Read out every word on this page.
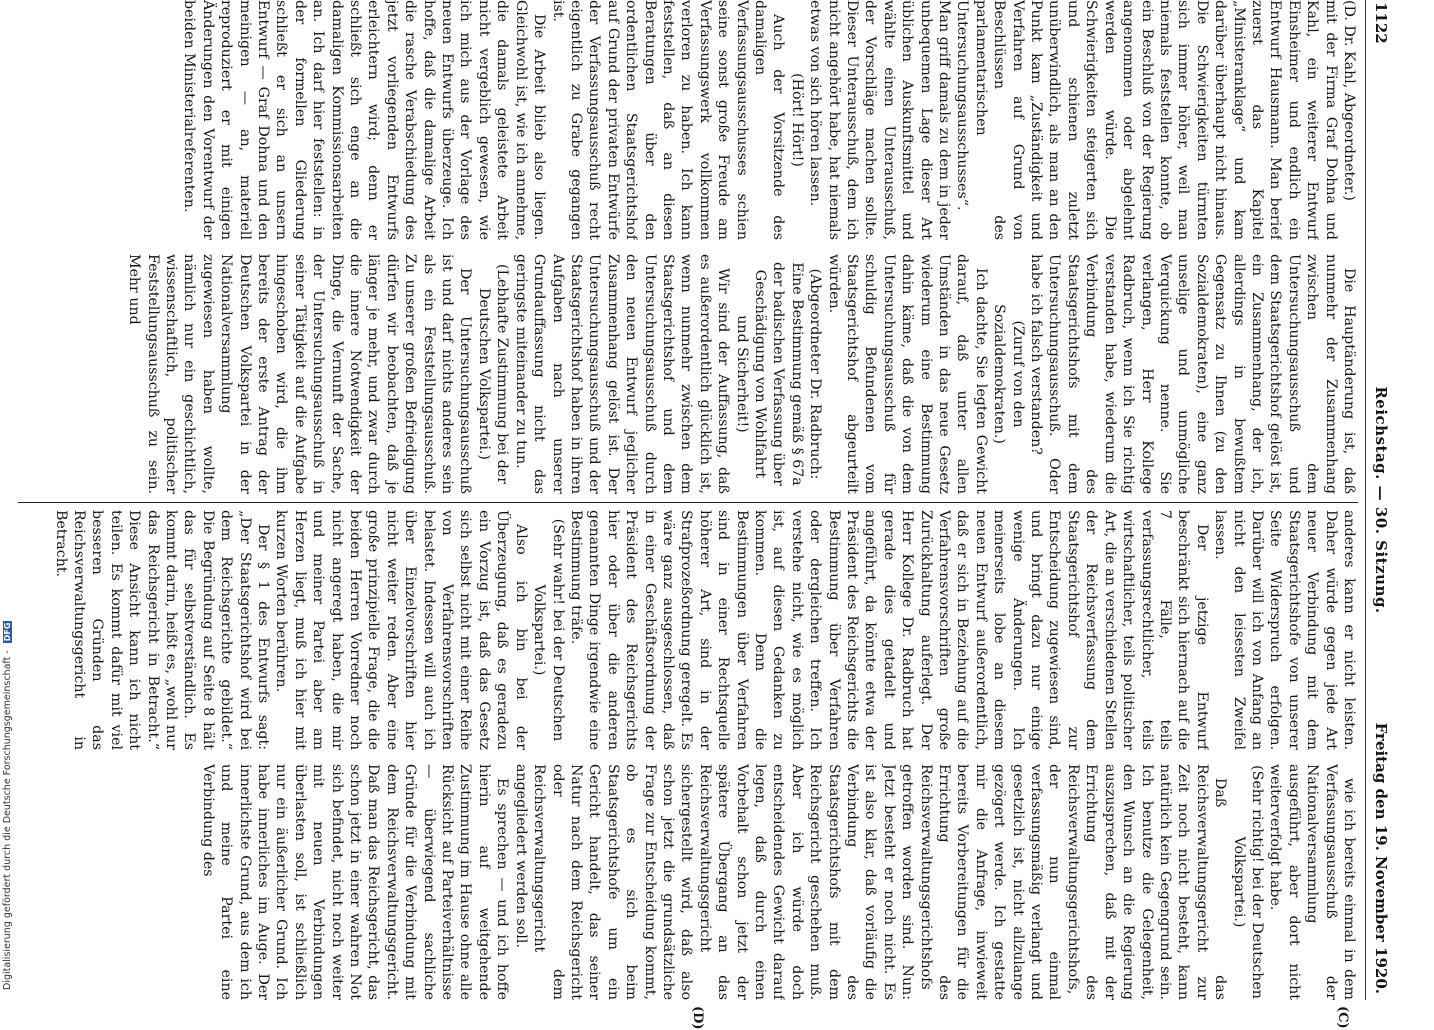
Digitalisierung gefördert durch die Deutsche Forschungsgemeinschaft - DFG
1122
Reichstag. — 30. Sitzung.
Freitag den 19. November 1920.
(C)
(D)

(D. Dr. Kahl, Abgeordneter.)

mit der Firma Graf Dohna und Kahl, ein weiterer Entwurf Einsheimer und endlich ein Entwurf Hausmann. Man berief zuerst das Kapitel „Ministeranklage“ und kam darüber überhaupt nicht hinaus. Die Schwierigkeiten türmten sich immer höher, weil man niemals feststellen konnte, ob ein Beschluß von der Regierung angenommen oder abgelehnt werden würde. Die Schwierigkeiten steigerten sich und schienen zuletzt unüberwindlich, als man an den Punkt kam „Zuständigkeit und Verfahren auf Grund von Beschlüssen des parlamentarischen Untersuchungsausschusses“. Man griff damals zu dem in jeder unbequemen Lage dieser Art üblichen Auskunftsmittel und wählte einen Unterausschuß, der Vorschläge machen sollte. Dieser Unterausschuß, dem ich nicht angehört habe, hat niemals etwas von sich hören lassen.

(Hört! Hört!)

Auch der Vorsitzende des damaligen Verfassungsausschusses schien seine sonst große Freude am Verfassungswerk vollkommen verloren zu haben. Ich kann feststellen, daß an diesen Beratungen über den ordentlichen Staatsgerichtshof auf Grund der privaten Entwürfe der Verfassungsausschuß recht eigentlich zu Grabe gegangen ist.

Die Arbeit blieb also liegen. Gleichwohl ist, wie ich annehme, die damals geleistete Arbeit nicht vergeblich gewesen, wie ich mich aus der Vorlage des neuen Entwurfs überzeuge. Ich hoffe, daß die damalige Arbeit die rasche Verabschiedung des jetzt vorliegenden Entwurfs erleichtern wird; denn er schließt sich enge an die damaligen Kommissionsarbeiten an. Ich darf hier feststellen: in der formellen Gliederung schließt er sich an unsern Entwurf — Graf Dohna und den meinigen — an, materiell reproduziert er mit einigen Änderungen den Vorentwurf der beiden Ministerialreferenten.

Die Hauptänderung ist, daß nunmehr der Zusammenhang zwischen dem Untersuchungsausschuß und dem Staatsgerichtshof gelöst ist, ein Zusammenhang, der ich, allerdings in bewußtem Gegensatz zu Ihnen (zu den Sozialdemokraten), eine ganz unselige und unmögliche Verquickung nenne. Sie verlangen, Herr Kollege Radbruch, wenn ich Sie richtig verstanden habe, wiederum die Verbindung des Staatsgerichtshofs mit dem Untersuchungsausschuß. Oder habe ich falsch verstanden?

(Zuruf von den Sozialdemokraten.)

Ich dachte, Sie legten Gewicht darauf, daß unter allen Umständen in das neue Gesetz wiederum eine Bestimmung dahin käme, daß die von dem Untersuchungsausschuß für schuldig Befundenen vom Staatsgerichtshof abgeurteilt würden.

(Abgeordneter Dr. Radbruch: Eine Bestimmung gemäß § 67a der badischen Verfassung über Geschädigung von Wohlfahrt und Sicherheit!)

Wir sind der Auffassung, daß es außerordentlich glücklich ist, wenn nunmehr zwischen dem Staatsgerichtshof und dem Untersuchungsausschuß durch den neuen Entwurf jeglicher Zusammenhang gelöst ist. Der Untersuchungsausschuß und der Staatsgerichtshof haben in ihren Aufgaben nach unserer Grundauffassung nicht das geringste miteinander zu tun.

(Lebhafte Zustimmung bei der Deutschen Volkspartei.)

Der Untersuchungsausschuß ist und darf nichts anderes sein als ein Feststellungsausschuß. Zu unserer großen Befriedigung dürfen wir beobachten, daß je länger je mehr, und zwar durch die innere Notwendigkeit der Dinge, die Vernunft der Sache, der Untersuchungsausschuß in seiner Tätigkeit auf die Aufgabe hingeschoben wird, die ihm bereits der erste Antrag der Deutschen Volkspartei in der Nationalversammlung zugewiesen haben wollte, nämlich nur ein geschichtlich, wissenschaftlich, politischer Feststellungsausschuß zu sein. Mehr und

anderes kann er nicht leisten. Daher würde gegen jede Art neuer Verbindung mit dem Staatsgerichtshofe von unserer Seite Widerspruch erfolgen. Darüber will ich von Anfang an nicht den leisesten Zweifel lassen.

Der jetzige Entwurf beschränkt sich hiernach auf die 7 Fälle, teils verfassungsrechtlicher, teils wirtschaftlicher, teils politischer Art, die an verschiedenen Stellen der Reichsverfassung dem Staatsgerichtshof zur Entscheidung zugewiesen sind, und bringt dazu nur einige wenige Änderungen. Ich meinerseits lobe an diesem neuen Entwurf außerordentlich, daß er sich in Beziehung auf die Verfahrensvorschriften große Zurückhaltung auferlegt. Der Herr Kollege Dr. Radbruch hat gerade dies getadelt und angeführt, da könnte etwa der Präsident des Reichsgerichts die Bestimmung über Verfahren oder dergleichen treffen. Ich verstehe nicht, wie es möglich ist, auf diesen Gedanken zu kommen. Denn die Bestimmungen über Verfahren sind in einer Rechtsquelle höherer Art, sind in der Strafprozeßordnung geregelt. Es wäre ganz ausgeschlossen, daß in einer Geschäftsordnung der Präsident des Reichsgerichts hier oder über die anderen genannten Dinge irgendwie eine Bestimmung träfe.

(Sehr wahr! bei der Deutschen Volkspartei.)

Also ich bin bei der Überzeugung, daß es geradezu ein Vorzug ist, daß das Gesetz sich selbst nicht mit einer Reihe von Verfahrensvorschriften belastet. Indessen will auch ich über Einzelvorschriften hier nicht weiter reden. Aber eine große prinzipielle Frage, die die beiden Herren Vorredner noch nicht angeregt haben, die mir und meiner Partei aber am Herzen liegt, muß ich hier mit kurzen Worten berühren.

Der § 1 des Entwurfs sagt: „Der Staatsgerichtshof wird bei dem Reichsgerichte gebildet.“ Die Begründung auf Seite 8 hält das für selbstverständlich. Es kommt darin, heißt es, „wohl nur das Reichsgericht in Betracht.“ Diese Ansicht kann ich nicht teilen. Es kommt dafür mit viel besseren Gründen das Reichsverwaltungsgericht in Betracht.

wie ich bereits einmal in dem Verfassungsausschuß der Nationalversammlung ausgeführt, aber dort nicht weiterverfolgt habe.

(Sehr richtig! bei der Deutschen Volkspartei.)

Daß das Reichsverwaltungsgericht zur Zeit noch nicht besteht, kann natürlich kein Gegengrund sein. Ich benutze die Gelegenheit, den Wunsch an die Regierung auszusprechen, daß mit der Errichtung des Reichsverwaltungsgerichtshofs, der nun einmal verfassungsmäßig verlangt und gesetzlich ist, nicht allzulange gezögert werde. Ich gestatte mir die Anfrage, inwieweit bereits Vorbereitungen für die Errichtung des Reichsverwaltungsgerichtshofs getroffen worden sind. Nun: Jetzt besteht er noch nicht. Es ist also klar, daß vorläufig die Verbindung des Staatsgerichtshofs mit dem Reichsgericht geschehen muß. Aber ich würde doch entscheidendes Gewicht darauf legen, daß durch einen Vorbehalt schon jetzt der spätere Übergang an das Reichsverwaltungsgericht sichergestellt wird, daß also schon jetzt die grundsätzliche Frage zur Entscheidung kommt, ob es sich beim Staatsgerichtshofe um ein Gericht handelt, das seiner Natur nach dem Reichsgericht oder dem Reichsverwaltungsgericht angegliedert werden soll.

Es sprechen — und ich hoffe hierin auf weitgehende Zustimmung im Hause ohne alle Rücksicht auf Parteiverhältnisse — überwiegend sachliche Gründe für die Verbindung mit dem Reichsverwaltungsgericht. Daß man das Reichsgericht, das schon jetzt in einer wahren Not sich befindet, nicht noch weiter mit neuen Verbindungen überlasten soll, ist schließlich nur ein äußerlicher Grund. Ich habe innerliches im Auge. Der innerlichste Grund, aus dem ich und meine Partei eine Verbindung des
